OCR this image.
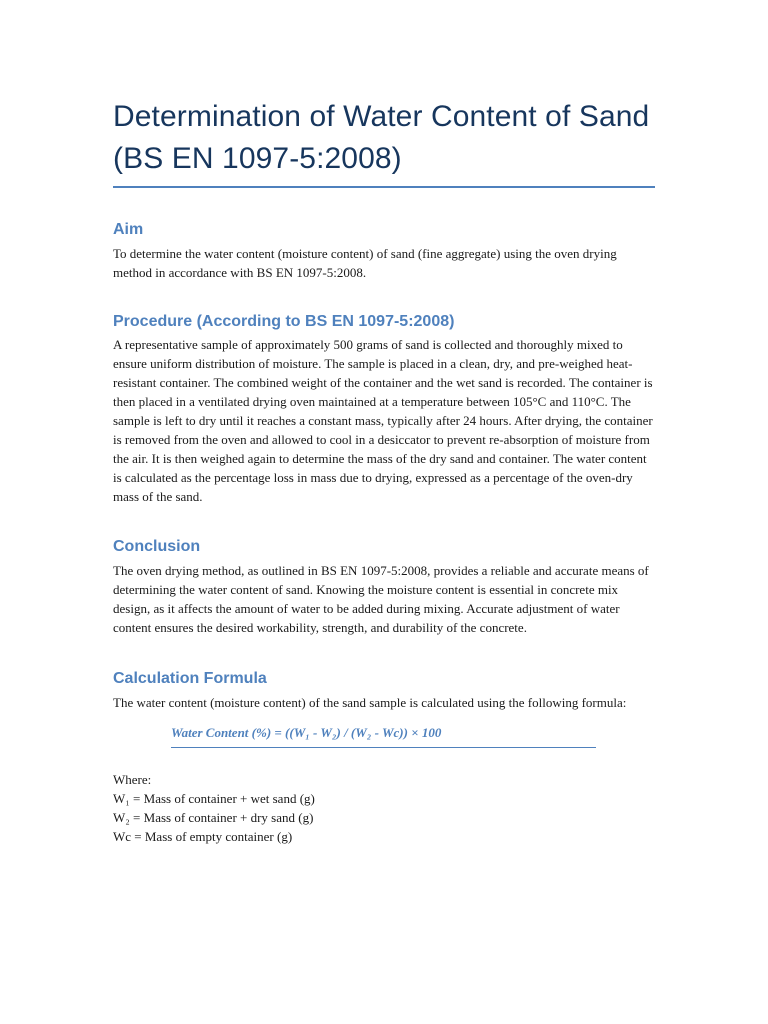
Determination of Water Content of Sand (BS EN 1097-5:2008)
Aim

To determine the water content (moisture content) of sand (fine aggregate) using the oven drying method in accordance with BS EN 1097-5:2008.

Procedure (According to BS EN 1097-5:2008)

A representative sample of approximately 500 grams of sand is collected and thoroughly mixed to ensure uniform distribution of moisture. The sample is placed in a clean, dry, and pre-weighed heat-resistant container. The combined weight of the container and the wet sand is recorded. The container is then placed in a ventilated drying oven maintained at a temperature between 105°C and 110°C. The sample is left to dry until it reaches a constant mass, typically after 24 hours. After drying, the container is removed from the oven and allowed to cool in a desiccator to prevent re-absorption of moisture from the air. It is then weighed again to determine the mass of the dry sand and container. The water content is calculated as the percentage loss in mass due to drying, expressed as a percentage of the oven-dry mass of the sand.

Conclusion

The oven drying method, as outlined in BS EN 1097-5:2008, provides a reliable and accurate means of determining the water content of sand. Knowing the moisture content is essential in concrete mix design, as it affects the amount of water to be added during mixing. Accurate adjustment of water content ensures the desired workability, strength, and durability of the concrete.

Calculation Formula

The water content (moisture content) of the sand sample is calculated using the following formula:

Water Content (%) = ((W₁ - W₂) / (W₂ - Wc)) × 100
Where:
W₁ = Mass of container + wet sand (g)
W₂ = Mass of container + dry sand (g)
Wc = Mass of empty container (g)
